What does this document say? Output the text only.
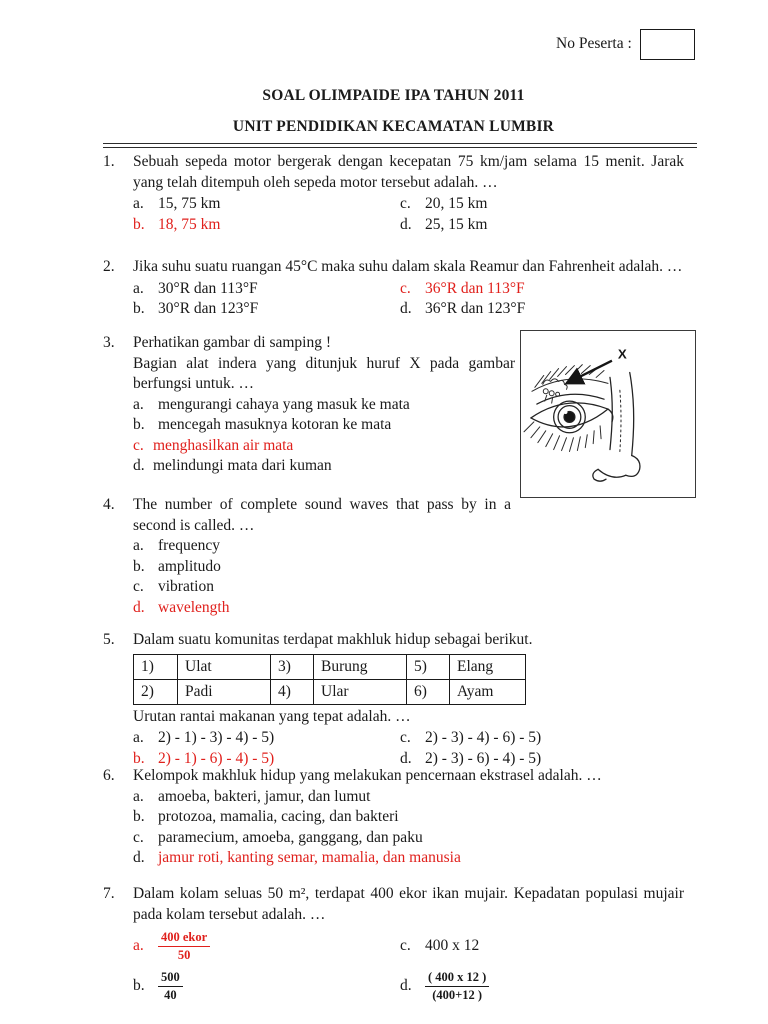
No Peserta :
SOAL OLIMPAIDE IPA TAHUN 2011
UNIT PENDIDIKAN KECAMATAN LUMBIR
1.	Sebuah sepeda motor bergerak dengan kecepatan 75 km/jam selama 15 menit. Jarak yang telah ditempuh oleh sepeda motor tersebut adalah. …

a. 15, 75 km
b. 18, 75 km
c. 20, 15 km
d. 25, 15 km
2.	Jika suhu suatu ruangan 45°C maka suhu dalam skala Reamur dan Fahrenheit adalah. …

a. 30°R dan 113°F
b. 30°R dan 123°F
c. 36°R dan 113°F
d. 36°R dan 123°F
3.	Perhatikan gambar di samping !

Bagian alat indera yang ditunjuk huruf X pada gambar berfungsi untuk. …

a. mengurangi cahaya yang masuk ke mata
b. mencegah masuknya kotoran ke mata
c. menghasilkan air mata
d. melindungi mata dari kuman
X
4.	The number of complete sound waves that pass by in a second is called. …

a. frequency
b. amplitudo
c. vibration
d. wavelength
5.	Dalam suatu komunitas terdapat makhluk hidup sebagai berikut.

1)	Ulat	3)	Burung	5)	Elang
2)	Padi	4)	Ular	6)	Ayam

Urutan rantai makanan yang tepat adalah. …

a. 2) - 1) - 3) - 4) - 5)
b. 2) - 1) - 6) - 4) - 5)
c. 2) - 3) - 4) - 6) - 5)
d. 2) - 3) - 6) - 4) - 5)
6.	Kelompok makhluk hidup yang melakukan pencernaan ekstrasel adalah. …

a. amoeba, bakteri, jamur, dan lumut
b. protozoa, mamalia, cacing, dan bakteri
c. paramecium, amoeba, ganggang, dan paku
d. jamur roti, kanting semar, mamalia, dan manusia
7.	Dalam kolam seluas 50 m², terdapat 400 ekor ikan mujair. Kepadatan populasi mujair pada kolam tersebut adalah. …

a.	$\frac{\text{400 ekor}}{50}$
b.	$\frac{500}{40}$
c. 400 x 12
d.	$\frac{( 400 x 12 )}{(400+12 )}$
